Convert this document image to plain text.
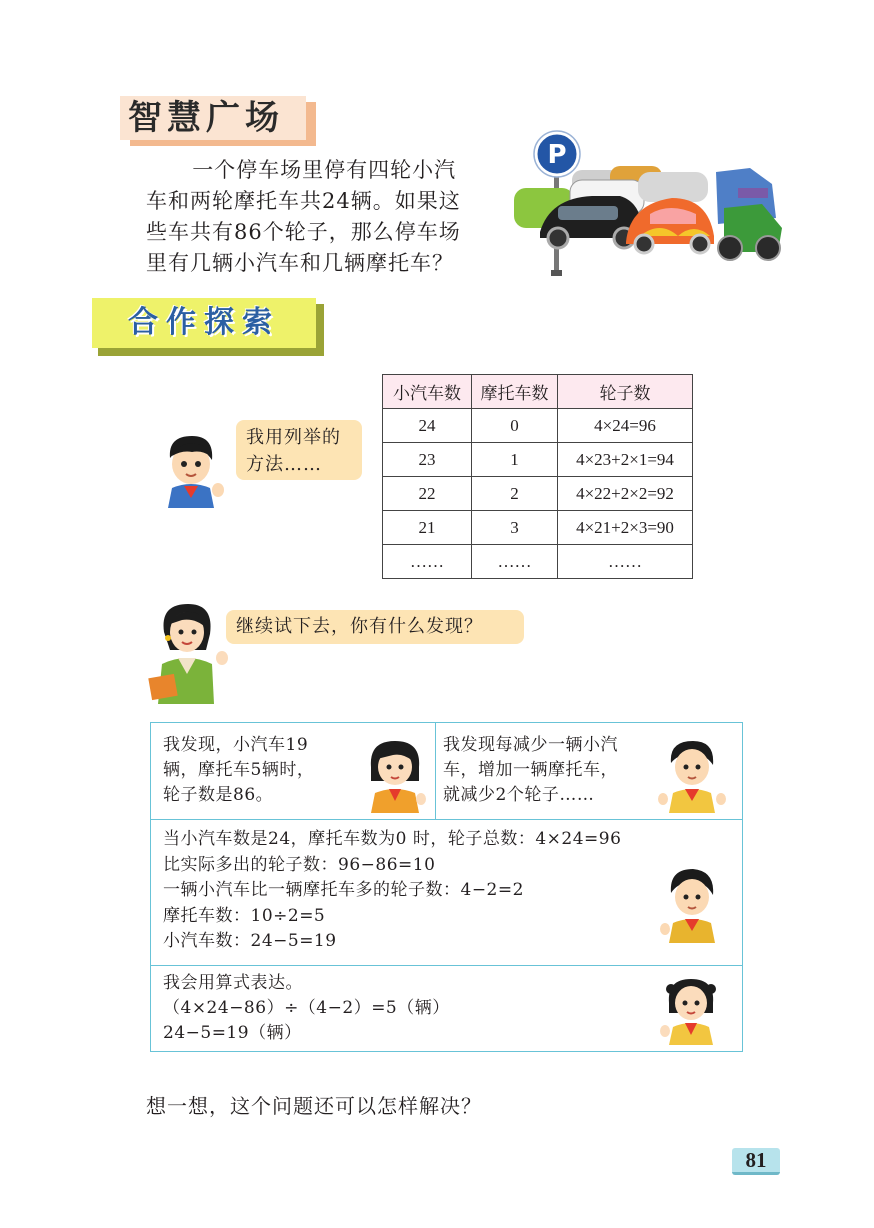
智慧广场

一个停车场里停有四轮小汽

车和两轮摩托车共24辆。如果这

些车共有86个轮子，那么停车场

里有几辆小汽车和几辆摩托车？

P
合作探索
我用列举的
方法……
小汽车数	摩托车数	轮子数
24	0	4×24=96
23	1	4×23+2×1=94
22	2	4×22+2×2=92
21	3	4×21+2×3=90
……	……	……
继续试下去，你有什么发现？

我发现，小汽车19

辆，摩托车5辆时，

轮子数是86。

我发现每减少一辆小汽

车，增加一辆摩托车，

就减少2个轮子……

当小汽车数是24，摩托车数为0 时，轮子总数：4×24=96

比实际多出的轮子数：96−86=10

一辆小汽车比一辆摩托车多的轮子数：4−2=2

摩托车数：10÷2=5

小汽车数：24−5=19

我会用算式表达。

（4×24−86）÷（4−2）=5（辆）

24−5=19（辆）

想一想，这个问题还可以怎样解决？
81
